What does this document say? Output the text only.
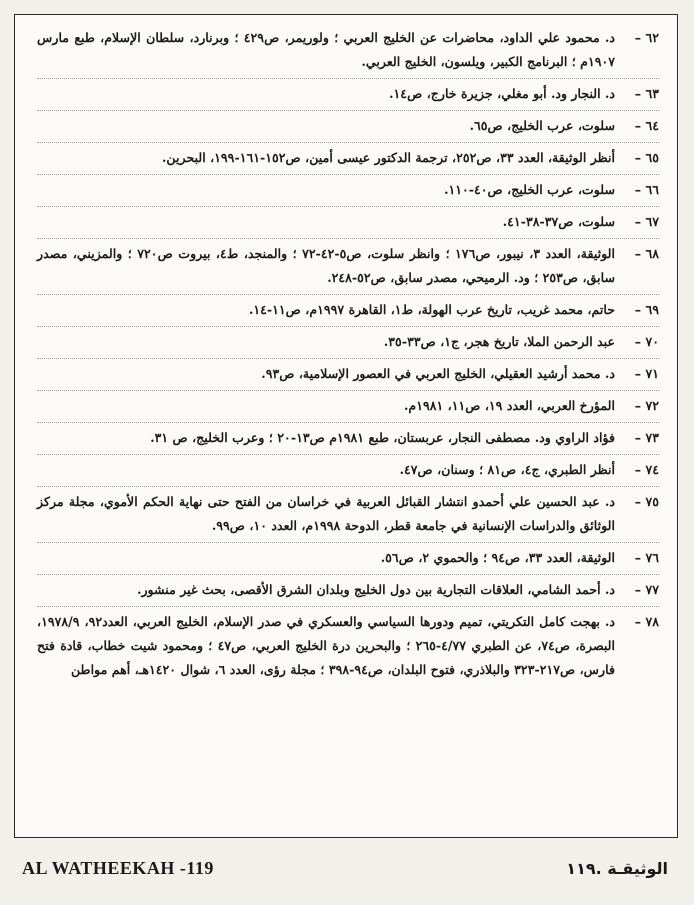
٦٢ –
د. محمود علي الداود، محاضرات عن الخليج العربي ؛ ولوريمر، ص٤٢٩ ؛ وبرنارد، سلطان الإسلام، طبع مارس ١٩٠٧م ؛ البرنامج الكبير، ويلسون، الخليج العربي.
٦٣ –
د. النجار ود. أبو مغلي، جزيرة خارج، ص١٤.
٦٤ –
سلوت، عرب الخليج، ص٦٥.
٦٥ –
أنظر الوثيقة، العدد ٣٣، ص٢٥٢، ترجمة الدكتور عيسى أمين، ص١٥٢-١٦١-١٩٩، البحرين.
٦٦ –
سلوت، عرب الخليج، ص٤٠-١١٠.
٦٧ –
سلوت، ص٣٧-٣٨-٤١.
٦٨ –
الوثيقة، العدد ٣، نيبور، ص١٧٦ ؛ وانظر سلوت، ص٥-٤٢-٧٢ ؛ والمنجد، ط٤، بيروت ص٧٢٠ ؛ والمزيني، مصدر سابق، ص٢٥٣ ؛ ود. الرميحي، مصدر سابق، ص٥٢-٢٤٨.
٦٩ –
حاتم، محمد غريب، تاريخ عرب الهولة، ط١، القاهرة ١٩٩٧م، ص١١-١٤.
٧٠ –
عبد الرحمن الملا، تاريخ هجر، ج١، ص٣٣-٣٥.
٧١ –
د. محمد أرشيد العقيلي، الخليج العربي في العصور الإسلامية، ص٩٣.
٧٢ –
المؤرخ العربي، العدد ١٩، ص١١، ١٩٨١م.
٧٣ –
فؤاد الراوي ود. مصطفى النجار، عربستان، طبع ١٩٨١م ص١٣-٢٠ ؛ وعرب الخليج، ص ٣١.
٧٤ –
أنظر الطبري، ج٤، ص٨١ ؛ وسنان، ص٤٧.
٧٥ –
د. عبد الحسين علي أحمدو انتشار القبائل العربية في خراسان من الفتح حتى نهاية الحكم الأموي، مجلة مركز الوثائق والدراسات الإنسانية في جامعة قطر، الدوحة ١٩٩٨م، العدد ١٠، ص٩٩.
٧٦ –
الوثيقة، العدد ٣٣، ص٩٤ ؛ والحموي ٢، ص٥٦.
٧٧ –
د. أحمد الشامي، العلاقات التجارية بين دول الخليج وبلدان الشرق الأقصى، بحث غير منشور.
٧٨ –
د. بهجت كامل التكريتي، تميم ودورها السياسي والعسكري في صدر الإسلام، الخليج العربي، العدد٩٢، ١٩٧٨/٩، البصرة، ص٧٤، عن الطبري ٤/٧٧-٢٦٥ ؛ والبحرين درة الخليج العربي، ص٤٧ ؛ ومحمود شيت خطاب، قادة فتح فارس، ص٢١٧-٣٢٣ والبلاذري، فتوح البلدان، ص٩٤-٣٩٨ ؛ مجلة رؤى، العدد ٦، شوال ١٤٢٠هـ، أهم مواطن
AL WATHEEKAH -119	الوثيقـة .١١٩
